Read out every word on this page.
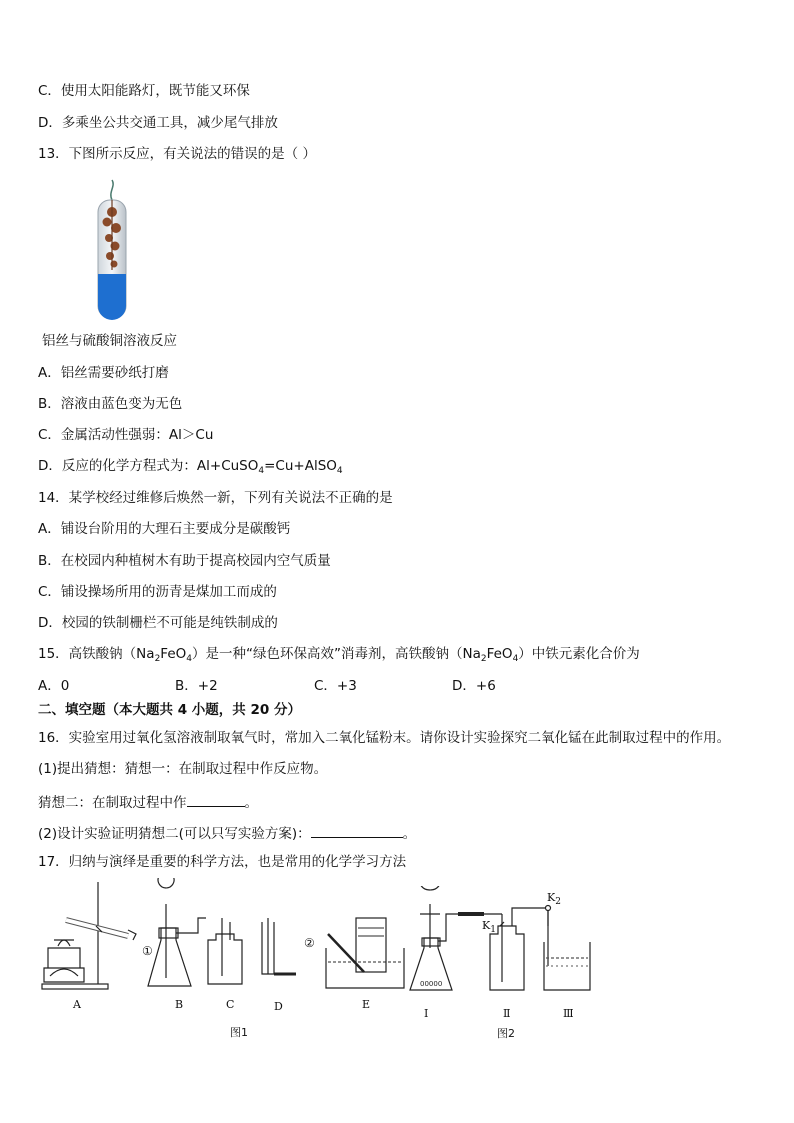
C．使用太阳能路灯，既节能又环保
D．多乘坐公共交通工具，减少尾气排放
13．下图所示反应，有关说法的错误的是（ ）
铝丝与硫酸铜溶液反应
A．铝丝需要砂纸打磨
B．溶液由蓝色变为无色
C．金属活动性强弱：Al＞Cu
D．反应的化学方程式为：Al+CuSO$_4$=Cu+AlSO$_4$
14．某学校经过维修后焕然一新，下列有关说法不正确的是
A．铺设台阶用的大理石主要成分是碳酸钙
B．在校园内种植树木有助于提高校园内空气质量
C．铺设操场所用的沥青是煤加工而成的
D．校园的铁制栅栏不可能是纯铁制成的
15．高铁酸钠$(Na_2FeO_4)$是一种“绿色环保高效”消毒剂，高铁酸钠$(Na_2FeO_4)$中铁元素化合价为
A．0	B．+2	C．+3	D．+6
二、填空题（本大题共 4 小题，共 20 分）
16．实验室用过氧化氢溶液制取氧气时，常加入二氧化锰粉末。请你设计实验探究二氧化锰在此制取过程中的作用。
(1)提出猜想：猜想一：在制取过程中作反应物。
猜想二：在制取过程中作	。
(2)设计实验证明猜想二(可以只写实验方案)：	。
17．归纳与演绎是重要的科学方法，也是常用的化学学习方法
①
②
A	B	C	D	E
图1
00000
$K_2$
$K_1$
Ⅰ	Ⅱ	Ⅲ
图2
